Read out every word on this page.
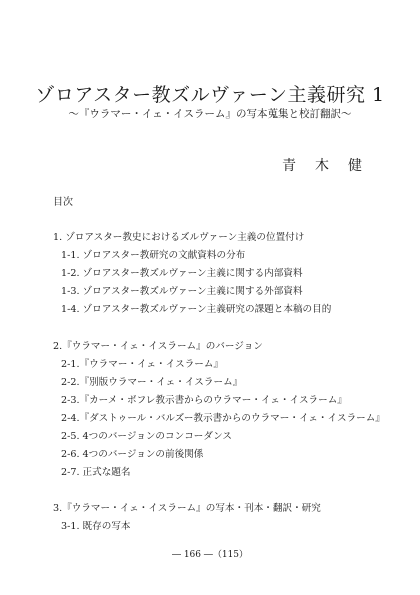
ゾロアスター教ズルヴァーン主義研究 1
～『ウラマー・イェ・イスラーム』の写本蒐集と校訂翻訳～
青 木 健
目次
1. ゾロアスター教史におけるズルヴァーン主義の位置付け
1-1. ゾロアスター教研究の文献資料の分布
1-2. ゾロアスター教ズルヴァーン主義に関する内部資料
1-3. ゾロアスター教ズルヴァーン主義に関する外部資料
1-4. ゾロアスター教ズルヴァーン主義研究の課題と本稿の目的
2.『ウラマー・イェ・イスラーム』のバージョン
2-1.『ウラマー・イェ・イスラーム』
2-2.『別版ウラマー・イェ・イスラーム』
2-3.『カーメ・ボフレ教示書からのウラマー・イェ・イスラーム』
2-4.『ダストゥール・バルズー教示書からのウラマー・イェ・イスラーム』
2-5. 4つのバージョンのコンコーダンス
2-6. 4つのバージョンの前後関係
2-7. 正式な題名
3.『ウラマー・イェ・イスラーム』の写本・刊本・翻訳・研究
3-1. 既存の写本
― 166 ―（115）
